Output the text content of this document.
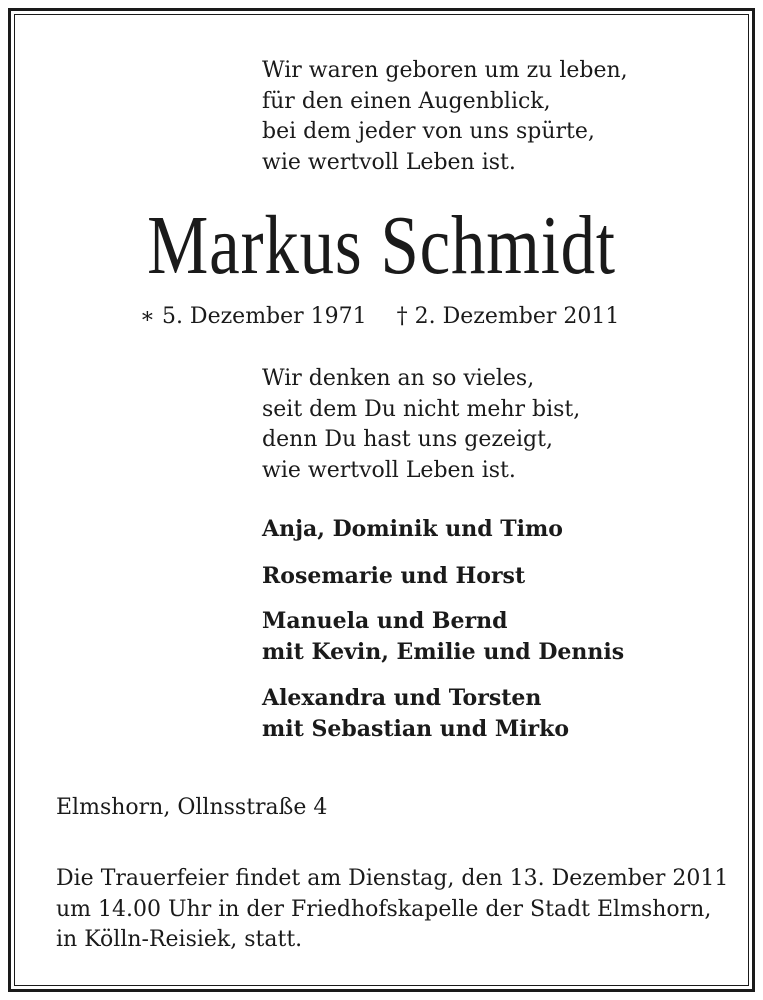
Wir waren geboren um zu leben,
für den einen Augenblick,
bei dem jeder von uns spürte,
wie wertvoll Leben ist.
Markus Schmidt
∗ 5. Dezember 1971 † 2. Dezember 2011
Wir denken an so vieles,
seit dem Du nicht mehr bist,
denn Du hast uns gezeigt,
wie wertvoll Leben ist.
Anja, Dominik und Timo
Rosemarie und Horst
Manuela und Bernd
mit Kevin, Emilie und Dennis
Alexandra und Torsten
mit Sebastian und Mirko
Elmshorn, Ollnsstraße 4
Die Trauerfeier findet am Dienstag, den 13. Dezember 2011
um 14.00 Uhr in der Friedhofskapelle der Stadt Elmshorn,
in Kölln-Reisiek, statt.
